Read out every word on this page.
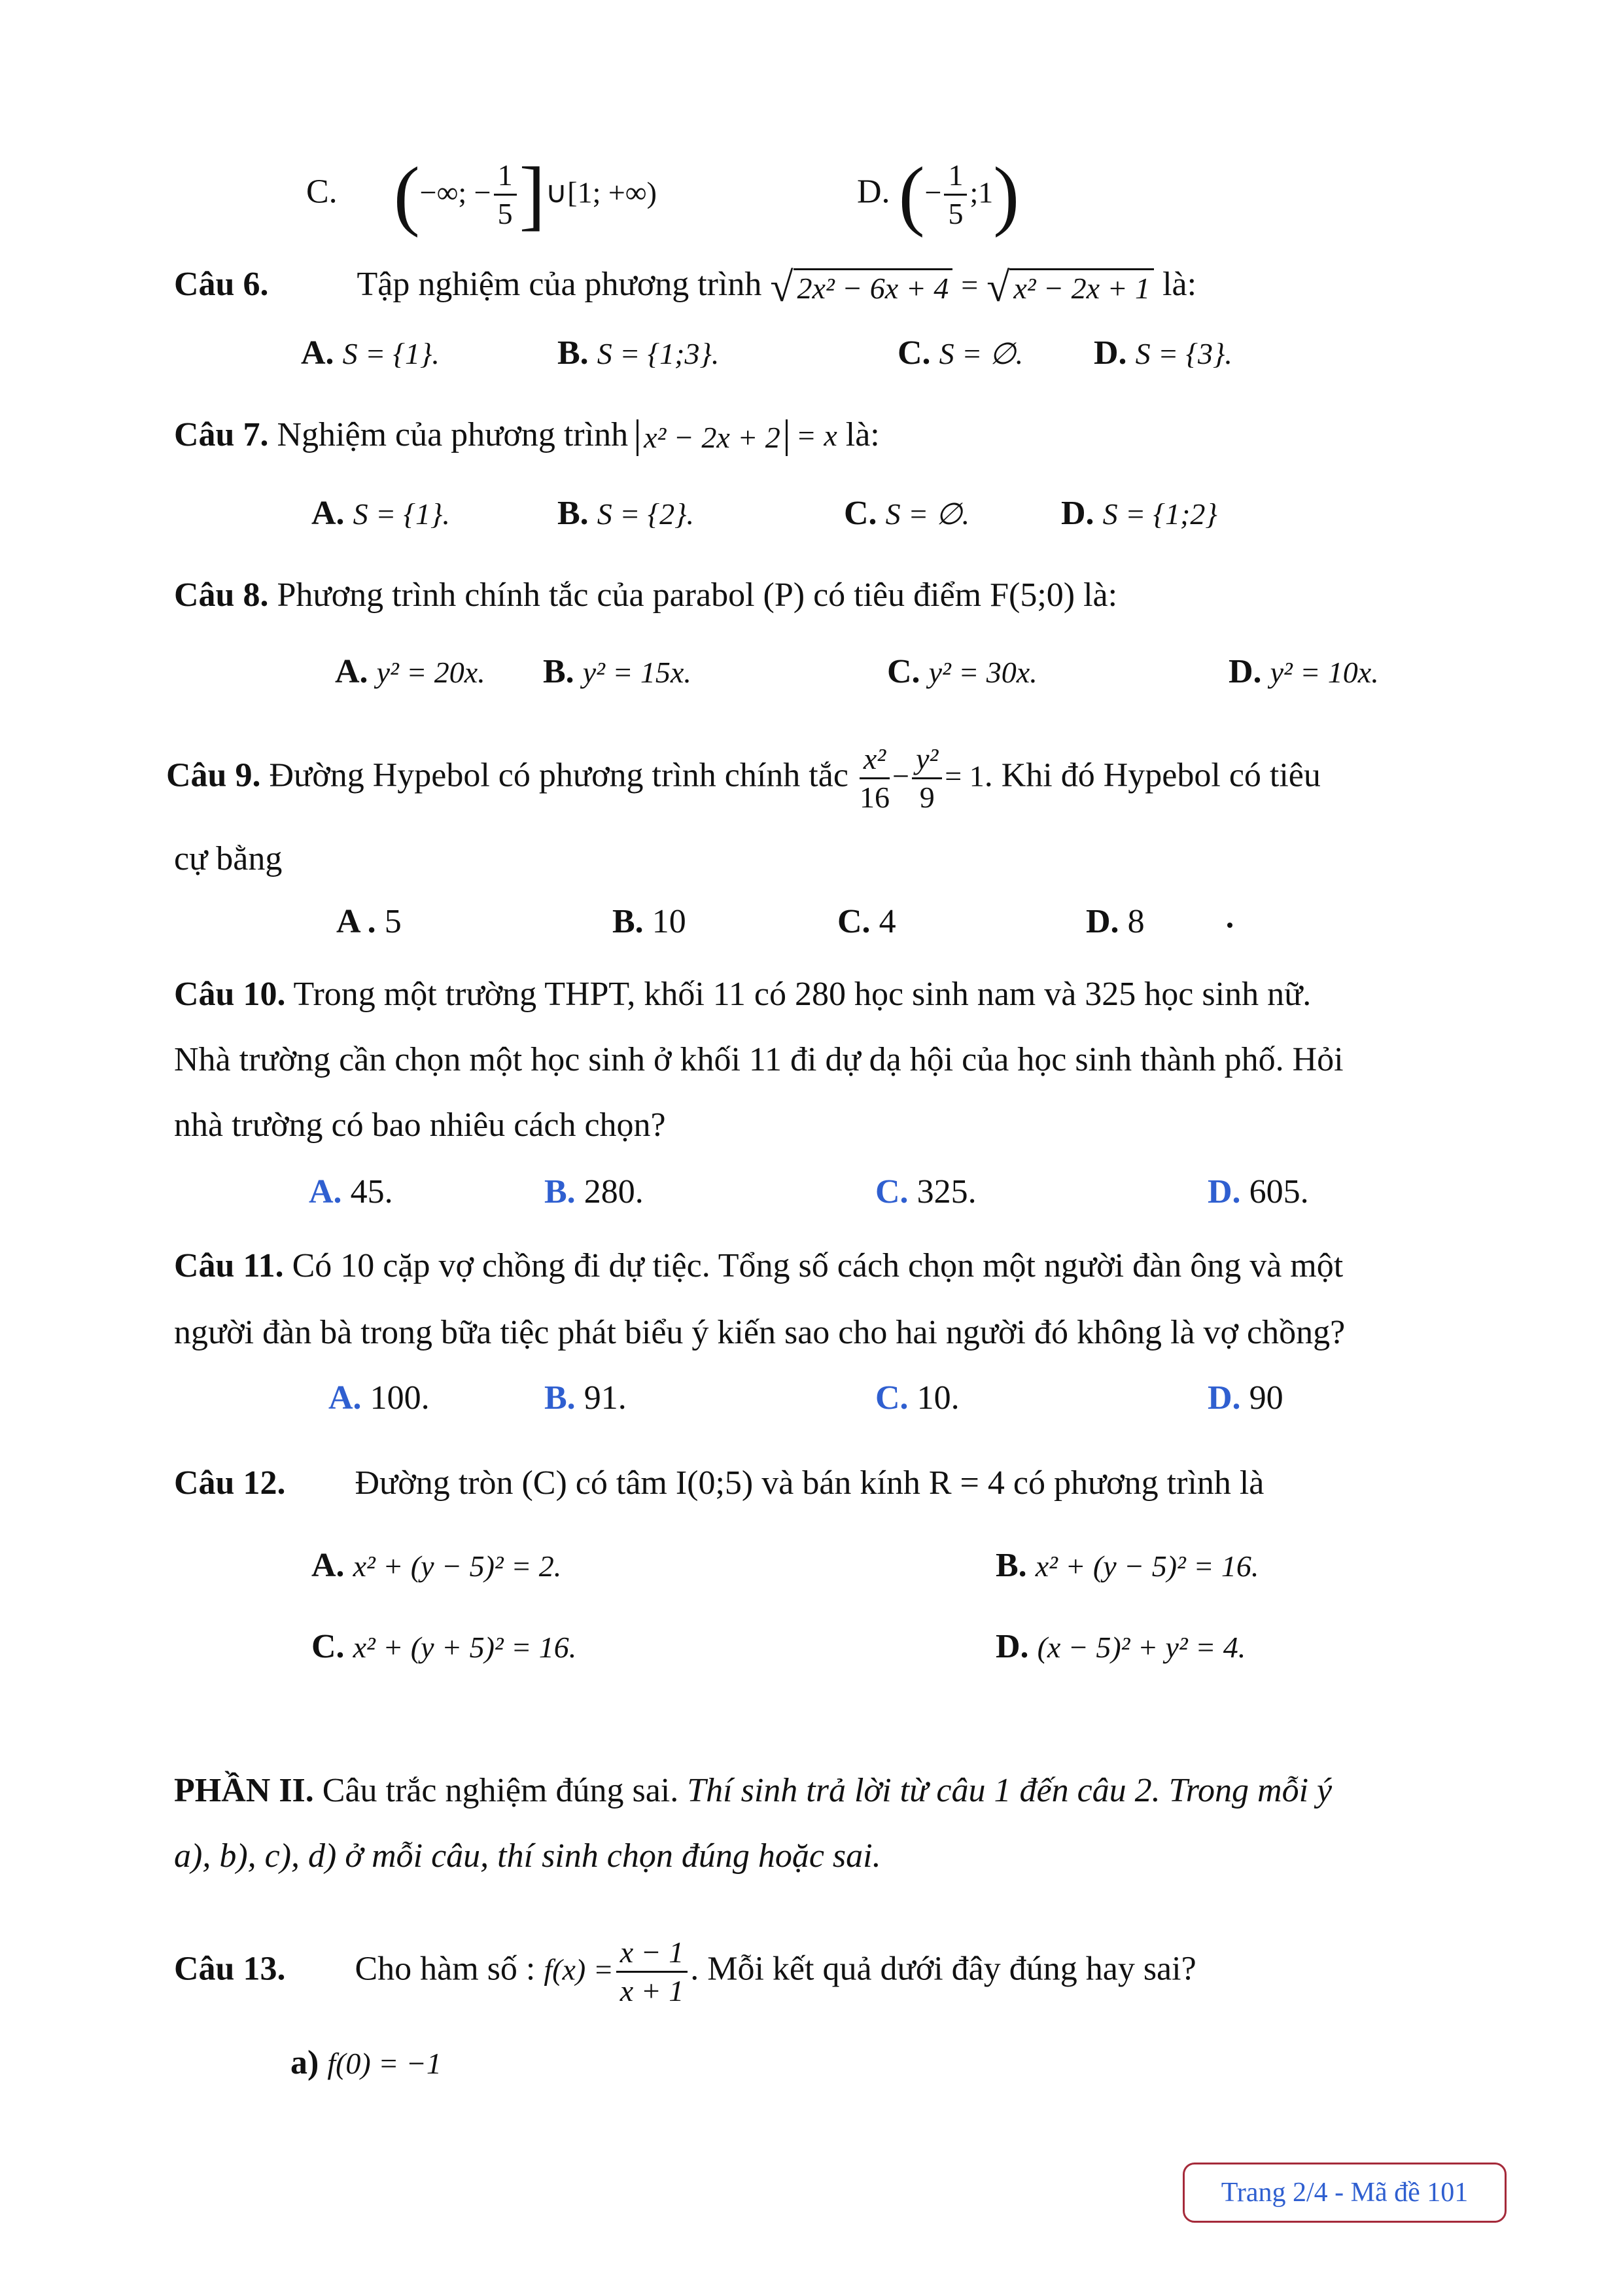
C. (−∞; − $\frac{1}{5}$ ]∪[1; +∞)	D. (− $\frac{1}{5}$ ;1)
Câu 6.	Tập nghiệm của phương trình √ 2x² − 6x + 4 = √ x² − 2x + 1 là:
A. S = {1}.	B. S = {1;3}.	C. S = ∅. D. S = {3}.
Câu 7. Nghiệm của phương trình x² − 2x + 2 = x là:
A. S = {1}.	B. S = {2}.	C. S = ∅.	D. S = {1;2}
Câu 8. Phương trình chính tắc của parabol (P) có tiêu điểm F(5;0) là:
A. y² = 20x. B. y² = 15x.	C. y² = 30x.	D. y² = 10x.
Câu 9. Đường Hypebol có phương trình chính tắc $\frac{\text{x²}}{16} - \frac{\text{y²}}{9} = 1$. Khi đó Hypebol có tiêu
cự bằng
A . 5	B. 10	C. 4	D. 8
Câu 10. Trong một trường THPT, khối 11 có 280 học sinh nam và 325 học sinh nữ.
Nhà trường cần chọn một học sinh ở khối 11 đi dự dạ hội của học sinh thành phố. Hỏi
nhà trường có bao nhiêu cách chọn?
A. 45.	B. 280.	C. 325.	D. 605.
Câu 11. Có 10 cặp vợ chồng đi dự tiệc. Tổng số cách chọn một người đàn ông và một
người đàn bà trong bữa tiệc phát biểu ý kiến sao cho hai người đó không là vợ chồng?
A. 100.	B. 91.	C. 10.	D. 90
Câu 12. Đường tròn (C) có tâm I(0;5) và bán kính R = 4 có phương trình là
A. x² + (y − 5)² = 2.	B. x² + (y − 5)² = 16.
C. x² + (y + 5)² = 16.	D. (x − 5)² + y² = 4.
PHẦN II. Câu trắc nghiệm đúng sai. Thí sinh trả lời từ câu 1 đến câu 2. Trong mỗi ý
a), b), c), d) ở mỗi câu, thí sinh chọn đúng hoặc sai.
Câu 13. Cho hàm số : $f(x) = \frac{x - 1}{x + 1}$ . Mỗi kết quả dưới đây đúng hay sai?
a) f(0) = −1
Trang 2/4 - Mã đề 101
